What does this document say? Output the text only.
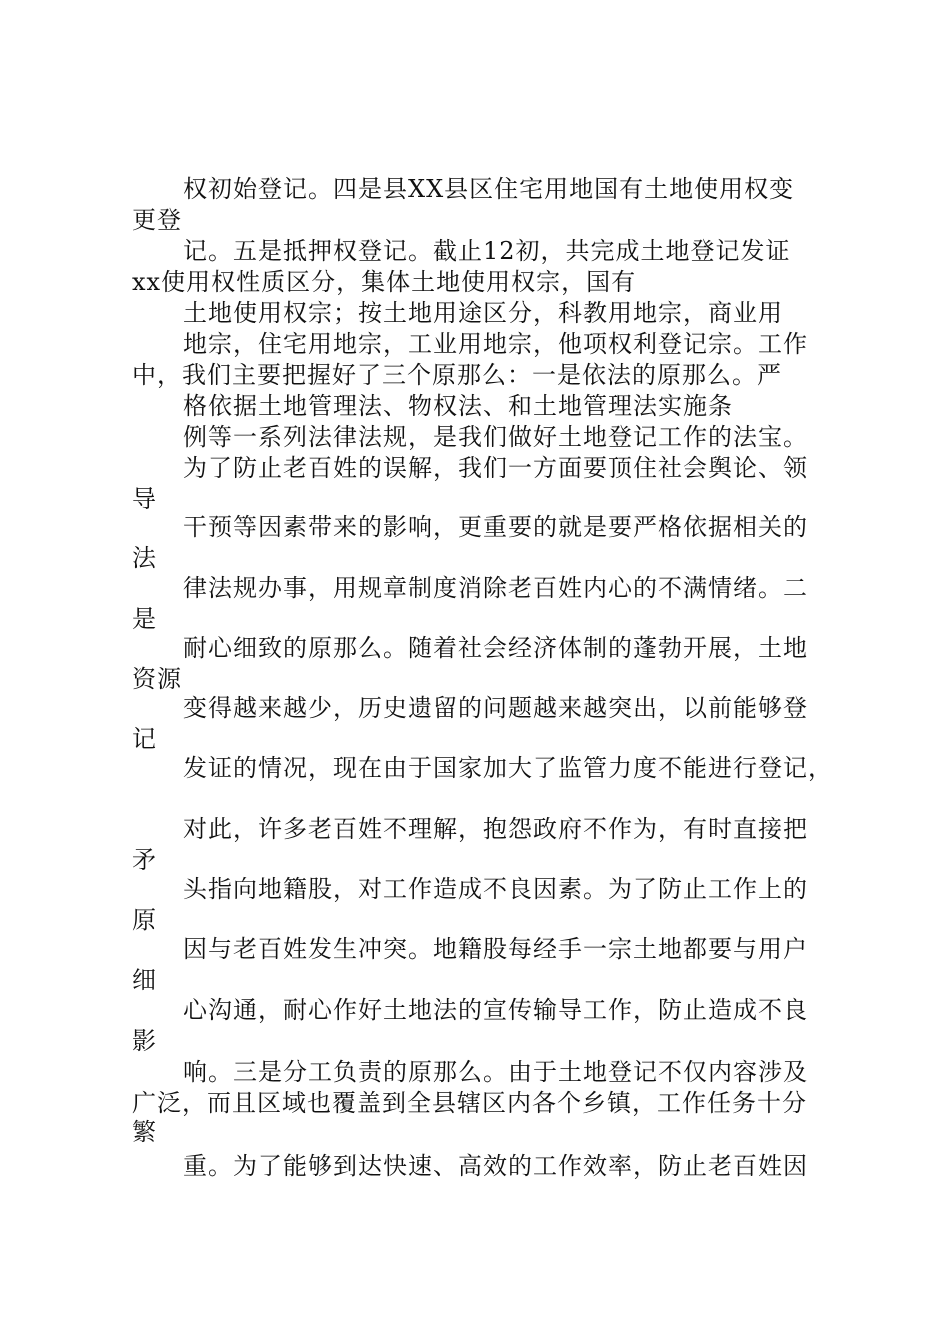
权初始登记。四是县XX县区住宅用地国有土地使用权变

更登

记。五是抵押权登记。截止12初，共完成土地登记发证

xx使用权性质区分，集体土地使用权宗，国有

土地使用权宗；按土地用途区分，科教用地宗，商业用

地宗，住宅用地宗，工业用地宗，他项权利登记宗。工作

中，我们主要把握好了三个原那么：一是依法的原那么。严

格依据土地管理法、物权法、和土地管理法实施条

例等一系列法律法规，是我们做好土地登记工作的法宝。

为了防止老百姓的误解，我们一方面要顶住社会舆论、领

导

干预等因素带来的影响，更重要的就是要严格依据相关的

法

律法规办事，用规章制度消除老百姓内心的不满情绪。二

是

耐心细致的原那么。随着社会经济体制的蓬勃开展，土地

资源

变得越来越少，历史遗留的问题越来越突出，以前能够登

记

发证的情况，现在由于国家加大了监管力度不能进行登记，

对此，许多老百姓不理解，抱怨政府不作为，有时直接把

矛

头指向地籍股，对工作造成不良因素。为了防止工作上的

原

因与老百姓发生冲突。地籍股每经手一宗土地都要与用户

细

心沟通，耐心作好土地法的宣传输导工作，防止造成不良

影

响。三是分工负责的原那么。由于土地登记不仅内容涉及

广泛，而且区域也覆盖到全县辖区内各个乡镇，工作任务十分

繁

重。为了能够到达快速、高效的工作效率，防止老百姓因
